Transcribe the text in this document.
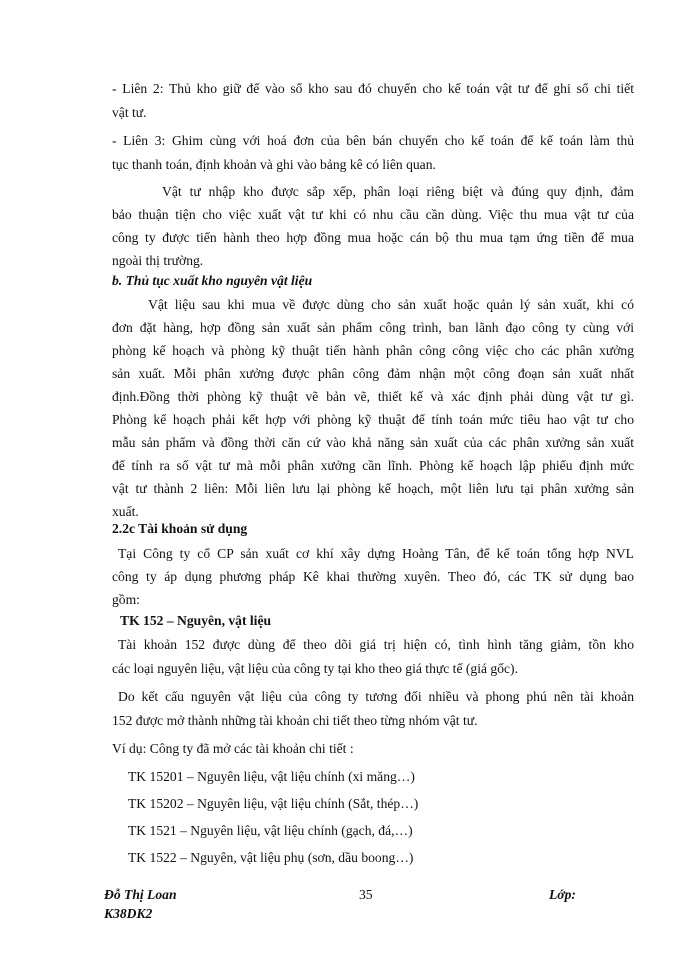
- Liên 2: Thủ kho giữ để vào sổ kho sau đó chuyển cho kế toán vật tư để ghi sổ chi tiết
vật tư.
- Liên 3: Ghim cùng với hoá đơn của bên bán chuyển cho kế toán để kế toán làm thủ
tục thanh toán, định khoản và ghi vào bảng kê có liên quan.
Vật tư nhập kho được sắp xếp, phân loại riêng biệt và đúng quy định, đảm
bảo thuận tiện cho việc xuất vật tư khi có nhu cầu cần dùng. Việc thu mua vật tư của
công ty được tiến hành theo hợp đồng mua hoặc cán bộ thu mua tạm ứng tiền để mua
ngoài thị trường.
b. Thủ tục xuất kho nguyên vật liệu
Vật liệu sau khi mua về được dùng cho sản xuất hoặc quản lý sản xuất, khi có
đơn đặt hàng, hợp đồng sản xuất sản phẩm công trình, ban lãnh đạo công ty cùng với
phòng kế hoạch và phòng kỹ thuật tiến hành phân công công việc cho các phân xưởng
sản xuất. Mỗi phân xưởng được phân công đảm nhận một công đoạn sản xuất nhất
định.Đồng thời phòng kỹ thuật vẽ bản vẽ, thiết kế và xác định phải dùng vật tư gì.
Phòng kế hoạch phải kết hợp với phòng kỹ thuật để tính toán mức tiêu hao vật tư cho
mẫu sản phẩm và đồng thời căn cứ vào khả năng sản xuất của các phân xưởng sản xuất
để tính ra số vật tư mà mỗi phân xưởng cần lĩnh. Phòng kế hoạch lập phiếu định mức
vật tư thành 2 liên: Mỗi liên lưu lại phòng kế hoạch, một liên lưu tại phân xưởng sản
xuất.
2.2c Tài khoản sử dụng
Tại Công ty cổ CP sản xuất cơ khí xây dựng Hoàng Tân, để kế toán tổng hợp NVL
công ty áp dụng phương pháp Kê khai thường xuyên. Theo đó, các TK sử dụng bao
gồm:
TK 152 – Nguyên, vật liệu
Tài khoản 152 được dùng để theo dõi giá trị hiện có, tình hình tăng giảm, tồn kho
các loại nguyên liệu, vật liệu của công ty tại kho theo giá thực tế (giá gốc).
Do kết cấu nguyên vật liệu của công ty tương đối nhiều và phong phú nên tài khoản
152 được mở thành những tài khoản chi tiết theo từng nhóm vật tư.
Ví dụ: Công ty đã mở các tài khoản chi tiết :
TK 15201 – Nguyên liệu, vật liệu chính (xi măng…)
TK 15202 – Nguyên liệu, vật liệu chính (Sắt, thép…)
TK 1521 – Nguyên liệu, vật liệu chính (gạch, đá,…)
TK 1522 – Nguyên, vật liệu phụ (sơn, dầu boong…)
Đỗ Thị Loan
K38DK2
35	Lớp:
